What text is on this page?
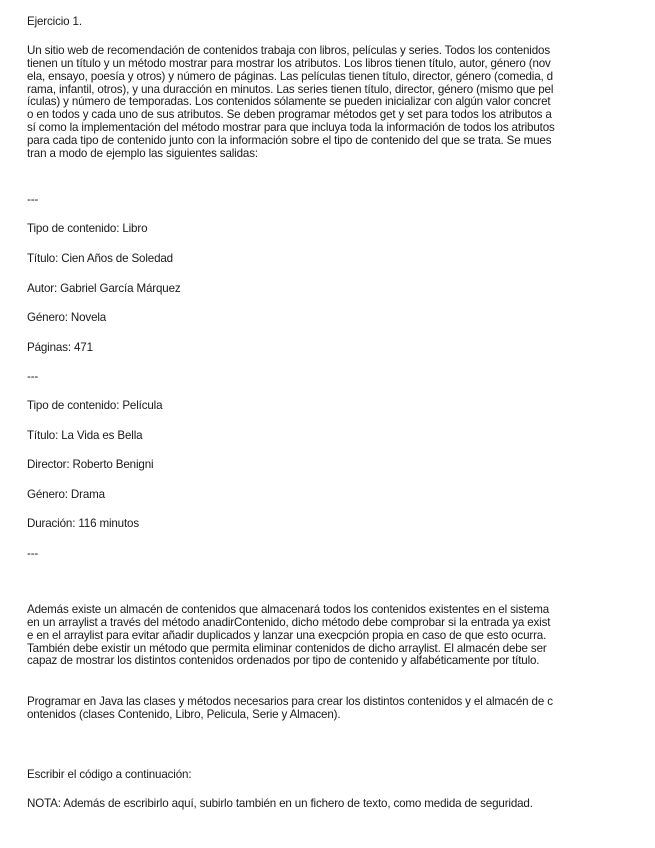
Ejercicio 1.
Un sitio web de recomendación de contenidos trabaja con libros, películas y series. Todos los contenidos
tienen un título y un método mostrar para mostrar los atributos. Los libros tienen título, autor, género (nov
ela, ensayo, poesía y otros) y número de páginas. Las películas tienen título, director, género (comedia, d
rama, infantil, otros), y una duracción en minutos. Las series tienen título, director, género (mismo que pel
ículas) y número de temporadas. Los contenidos sólamente se pueden inicializar con algún valor concret
o en todos y cada uno de sus atributos. Se deben programar métodos get y set para todos los atributos a
sí como la implementación del método mostrar para que incluya toda la información de todos los atributos
para cada tipo de contenido junto con la información sobre el tipo de contenido del que se trata. Se mues
tran a modo de ejemplo las siguientes salidas:
---
Tipo de contenido: Libro
Título: Cien Años de Soledad
Autor: Gabriel García Márquez
Género: Novela
Páginas: 471
---
Tipo de contenido: Película
Título: La Vida es Bella
Director: Roberto Benigni
Género: Drama
Duración: 116 minutos
---
Además existe un almacén de contenidos que almacenará todos los contenidos existentes en el sistema
en un arraylist a través del método anadirContenido, dicho método debe comprobar si la entrada ya exist
e en el arraylist para evitar añadir duplicados y lanzar una execpción propia en caso de que esto ocurra.
También debe existir un método que permita eliminar contenidos de dicho arraylist. El almacén debe ser
capaz de mostrar los distintos contenidos ordenados por tipo de contenido y alfabéticamente por título.
Programar en Java las clases y métodos necesarios para crear los distintos contenidos y el almacén de c
ontenidos (clases Contenido, Libro, Pelicula, Serie y Almacen).
Escribir el código a continuación:
NOTA: Además de escribirlo aquí, subirlo también en un fichero de texto, como medida de seguridad.
